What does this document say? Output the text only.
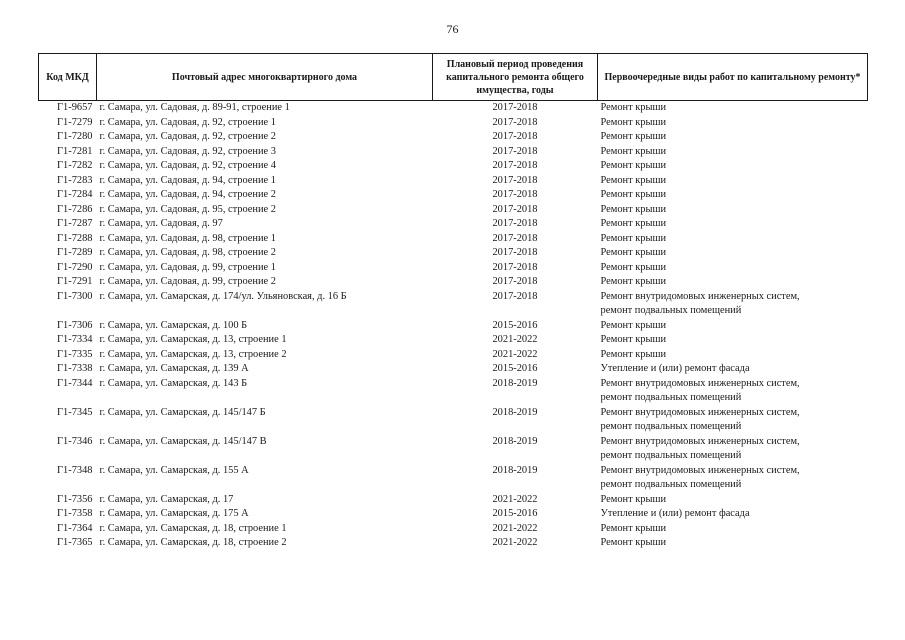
76
Код МКД	Почтовый адрес многоквартирного дома	Плановый период проведения капитального ремонта общего имущества, годы	Первоочередные виды работ по капитальному ремонту*
Г1-9657	г. Самара, ул. Садовая, д. 89-91, строение 1	2017-2018	Ремонт крыши

Г1-7279	г. Самара, ул. Садовая, д. 92, строение 1	2017-2018	Ремонт крыши

Г1-7280	г. Самара, ул. Садовая, д. 92, строение 2	2017-2018	Ремонт крыши

Г1-7281	г. Самара, ул. Садовая, д. 92, строение 3	2017-2018	Ремонт крыши

Г1-7282	г. Самара, ул. Садовая, д. 92, строение 4	2017-2018	Ремонт крыши

Г1-7283	г. Самара, ул. Садовая, д. 94, строение 1	2017-2018	Ремонт крыши

Г1-7284	г. Самара, ул. Садовая, д. 94, строение 2	2017-2018	Ремонт крыши

Г1-7286	г. Самара, ул. Садовая, д. 95, строение 2	2017-2018	Ремонт крыши

Г1-7287	г. Самара, ул. Садовая, д. 97	2017-2018	Ремонт крыши

Г1-7288	г. Самара, ул. Садовая, д. 98, строение 1	2017-2018	Ремонт крыши

Г1-7289	г. Самара, ул. Садовая, д. 98, строение 2	2017-2018	Ремонт крыши

Г1-7290	г. Самара, ул. Садовая, д. 99, строение 1	2017-2018	Ремонт крыши

Г1-7291	г. Самара, ул. Садовая, д. 99, строение 2	2017-2018	Ремонт крыши

Г1-7300	г. Самара, ул. Самарская, д. 174/ул. Ульяновская, д. 16 Б	2017-2018	Ремонт внутридомовых инженерных систем,
ремонт подвальных помещений

Г1-7306	г. Самара, ул. Самарская, д. 100 Б	2015-2016	Ремонт крыши

Г1-7334	г. Самара, ул. Самарская, д. 13, строение 1	2021-2022	Ремонт крыши

Г1-7335	г. Самара, ул. Самарская, д. 13, строение 2	2021-2022	Ремонт крыши

Г1-7338	г. Самара, ул. Самарская, д. 139 А	2015-2016	Утепление и (или) ремонт фасада

Г1-7344	г. Самара, ул. Самарская, д. 143 Б	2018-2019	Ремонт внутридомовых инженерных систем,
ремонт подвальных помещений

Г1-7345	г. Самара, ул. Самарская, д. 145/147 Б	2018-2019	Ремонт внутридомовых инженерных систем,
ремонт подвальных помещений

Г1-7346	г. Самара, ул. Самарская, д. 145/147 В	2018-2019	Ремонт внутридомовых инженерных систем,
ремонт подвальных помещений

Г1-7348	г. Самара, ул. Самарская, д. 155 А	2018-2019	Ремонт внутридомовых инженерных систем,
ремонт подвальных помещений

Г1-7356	г. Самара, ул. Самарская, д. 17	2021-2022	Ремонт крыши

Г1-7358	г. Самара, ул. Самарская, д. 175 А	2015-2016	Утепление и (или) ремонт фасада

Г1-7364	г. Самара, ул. Самарская, д. 18, строение 1	2021-2022	Ремонт крыши

Г1-7365	г. Самара, ул. Самарская, д. 18, строение 2	2021-2022	Ремонт крыши
